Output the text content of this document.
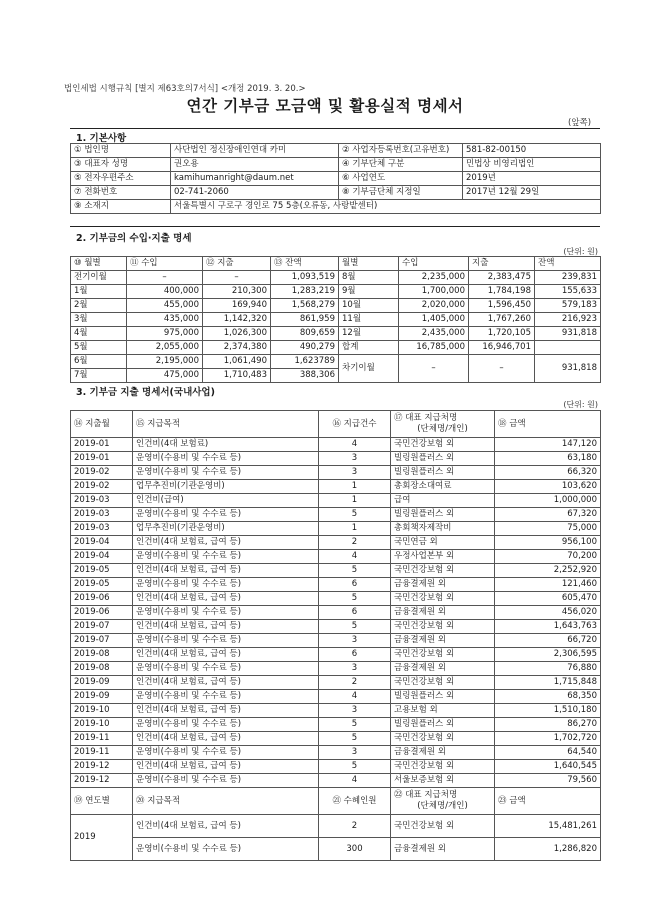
법인세법 시행규칙 [별지 제63호의7서식] <개정 2019. 3. 20.>
연간 기부금 모금액 및 활용실적 명세서
(앞쪽)
1. 기본사항
① 법인명	사단법인 정신장애인연대 카미	② 사업자등록번호(고유번호)	581-82-00150
③ 대표자 성명	권오용	④ 기부단체 구분	민법상 비영리법인
⑤ 전자우편주소	kamihumanright@daum.net	⑥ 사업연도	2019년
⑦ 전화번호	02-741-2060	⑧ 기부금단체 지정일	2017년 12월 29일
⑨ 소재지	서울특별시 구로구 경인로 75 5층(오류동, 사랑밭센터)		
2. 기부금의 수입·지출 명세
(단위: 원)
⑩ 월별	⑪ 수입	⑫ 지출	⑬ 잔액	월별	수입	지출	잔액
전기이월	–	–	1,093,519	8월	2,235,000	2,383,475	239,831
1월	400,000	210,300	1,283,219	9월	1,700,000	1,784,198	155,633
2월	455,000	169,940	1,568,279	10월	2,020,000	1,596,450	579,183
3월	435,000	1,142,320	861,959	11월	1,405,000	1,767,260	216,923
4월	975,000	1,026,300	809,659	12월	2,435,000	1,720,105	931,818
5월	2,055,000	2,374,380	490,279	합계	16,785,000	16,946,701	
6월	2,195,000	1,061,490	1,623789	차기이월	–	–	931,818
7월	475,000	1,710,483	388,306				
3. 기부금 지출 명세서(국내사업)
(단위: 원)
⑭ 지출월	⑮ 지급목적	⑯ 지급건수	⑰ 대표 지급처명
(단체명/개인)	⑱ 금액
2019-01	인건비(4대 보험료)	4	국민건강보험 외	147,120
2019-01	운영비(수용비 및 수수료 등)	3	빌링원플러스 외	63,180
2019-02	운영비(수용비 및 수수료 등)	3	빌링원플러스 외	66,320
2019-02	업무추진비(기관운영비)	1	총회장소대여료	103,620
2019-03	인건비(급여)	1	급여	1,000,000
2019-03	운영비(수용비 및 수수료 등)	5	빌링원플러스 외	67,320
2019-03	업무추진비(기관운영비)	1	총회책자제작비	75,000
2019-04	인건비(4대 보험료, 급여 등)	2	국민연금 외	956,100
2019-04	운영비(수용비 및 수수료 등)	4	우정사업본부 외	70,200
2019-05	인건비(4대 보험료, 급여 등)	5	국민건강보험 외	2,252,920
2019-05	운영비(수용비 및 수수료 등)	6	금융결제원 외	121,460
2019-06	인건비(4대 보험료, 급여 등)	5	국민건강보험 외	605,470
2019-06	운영비(수용비 및 수수료 등)	6	금융결제원 외	456,020
2019-07	인건비(4대 보험료, 급여 등)	5	국민건강보험 외	1,643,763
2019-07	운영비(수용비 및 수수료 등)	3	금융결제원 외	66,720
2019-08	인건비(4대 보험료, 급여 등)	6	국민건강보험 외	2,306,595
2019-08	운영비(수용비 및 수수료 등)	3	금융결제원 외	76,880
2019-09	인건비(4대 보험료, 급여 등)	2	국민건강보험 외	1,715,848
2019-09	운영비(수용비 및 수수료 등)	4	빌링원플러스 외	68,350
2019-10	인건비(4대 보험료, 급여 등)	3	고용보험 외	1,510,180
2019-10	운영비(수용비 및 수수료 등)	5	빌링원플러스 외	86,270
2019-11	인건비(4대 보험료, 급여 등)	5	국민건강보험 외	1,702,720
2019-11	운영비(수용비 및 수수료 등)	3	금융결제원 외	64,540
2019-12	인건비(4대 보험료, 급여 등)	5	국민건강보험 외	1,640,545
2019-12	운영비(수용비 및 수수료 등)	4	서울보증보험 외	79,560
⑲ 연도별	⑳ 지급목적	㉑ 수혜인원	㉒ 대표 지급처명
(단체명/개인)	㉓ 금액
2019	인건비(4대 보험료, 급여 등)	2	국민건강보험 외	15,481,261
	운영비(수용비 및 수수료 등)	300	금융결제원 외	1,286,820
